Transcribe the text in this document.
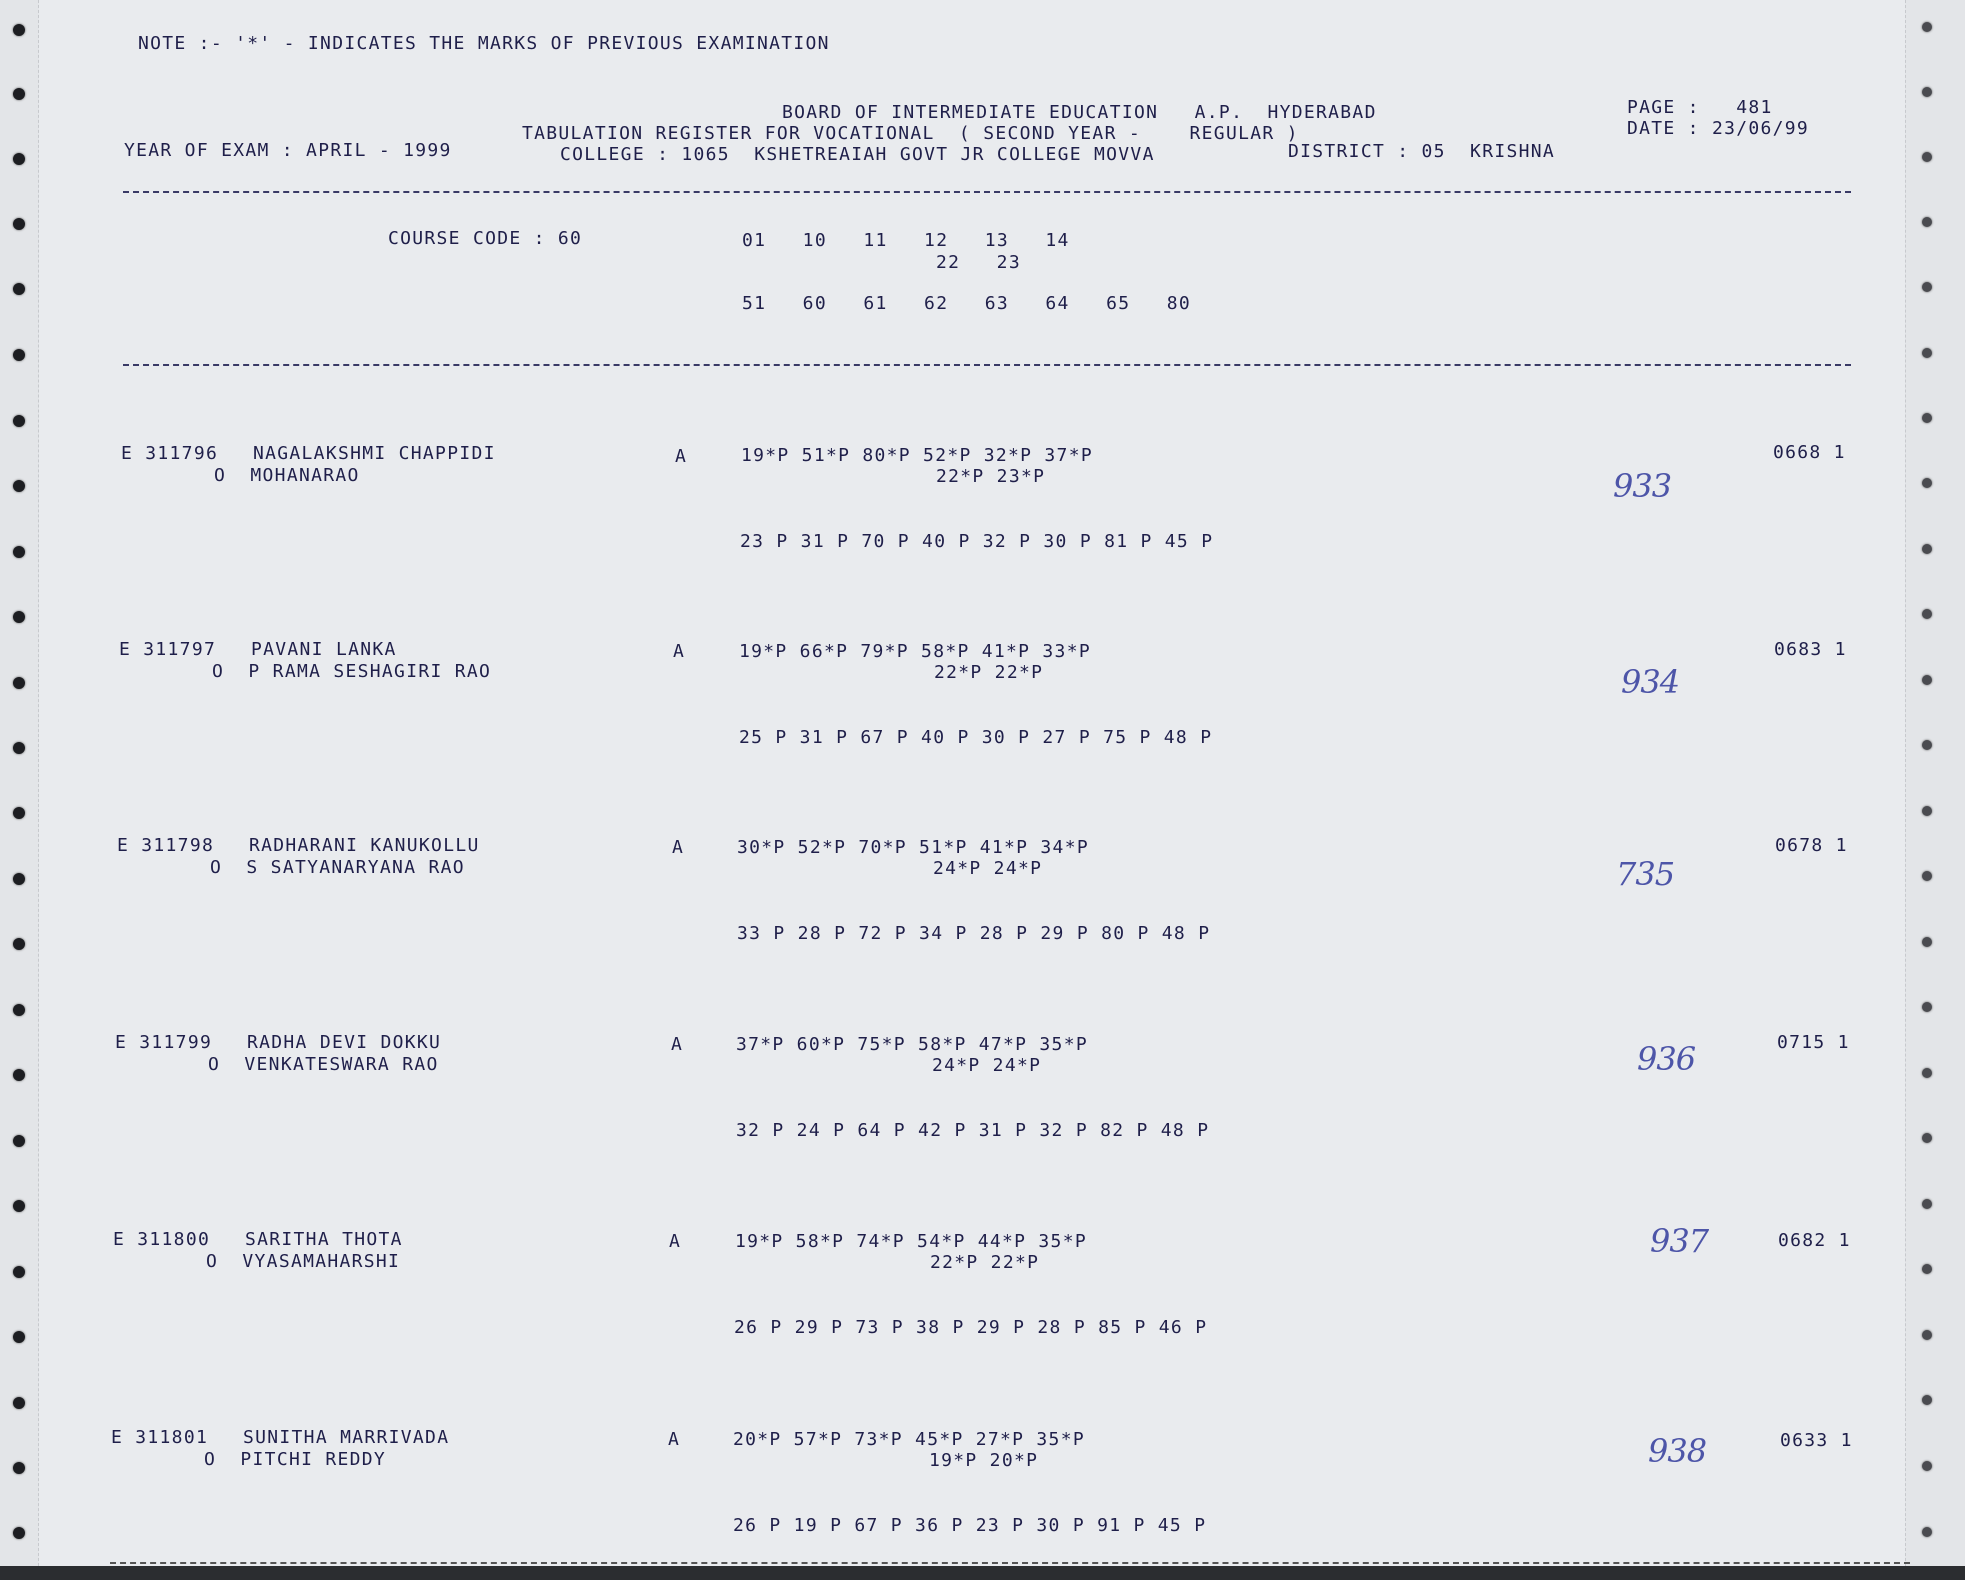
NOTE :- '*' - INDICATES THE MARKS OF PREVIOUS EXAMINATION
BOARD OF INTERMEDIATE EDUCATION   A.P.  HYDERABAD
TABULATION REGISTER FOR VOCATIONAL  ( SECOND YEAR -    REGULAR )
YEAR OF EXAM : APRIL - 1999	COLLEGE : 1065  KSHETREAIAH GOVT JR COLLEGE MOVVA	DISTRICT : 05  KRISHNA
PAGE :   481
DATE : 23/06/99
COURSE CODE : 60	01   10   11   12   13   14
22   23
51   60   61   62   63   64   65   80
E 311796 NAGALAKSHMI CHAPPIDI
O  MOHANARAO
A	19*P 51*P 80*P 52*P 32*P 37*P
22*P 23*P
23 P 31 P 70 P 40 P 32 P 30 P 81 P 45 P
0668 1
933
E 311797 PAVANI LANKA
O  P RAMA SESHAGIRI RAO
A	19*P 66*P 79*P 58*P 41*P 33*P
22*P 22*P
25 P 31 P 67 P 40 P 30 P 27 P 75 P 48 P
0683 1
934
E 311798 RADHARANI KANUKOLLU
O  S SATYANARYANA RAO
A	30*P 52*P 70*P 51*P 41*P 34*P
24*P 24*P
33 P 28 P 72 P 34 P 28 P 29 P 80 P 48 P
0678 1
735
E 311799 RADHA DEVI DOKKU
O  VENKATESWARA RAO
A	37*P 60*P 75*P 58*P 47*P 35*P
24*P 24*P
32 P 24 P 64 P 42 P 31 P 32 P 82 P 48 P
0715 1
936
E 311800 SARITHA THOTA
O  VYASAMAHARSHI
A	19*P 58*P 74*P 54*P 44*P 35*P
22*P 22*P
26 P 29 P 73 P 38 P 29 P 28 P 85 P 46 P
0682 1
937
E 311801 SUNITHA MARRIVADA
O  PITCHI REDDY
A	20*P 57*P 73*P 45*P 27*P 35*P
19*P 20*P
26 P 19 P 67 P 36 P 23 P 30 P 91 P 45 P
0633 1
938
